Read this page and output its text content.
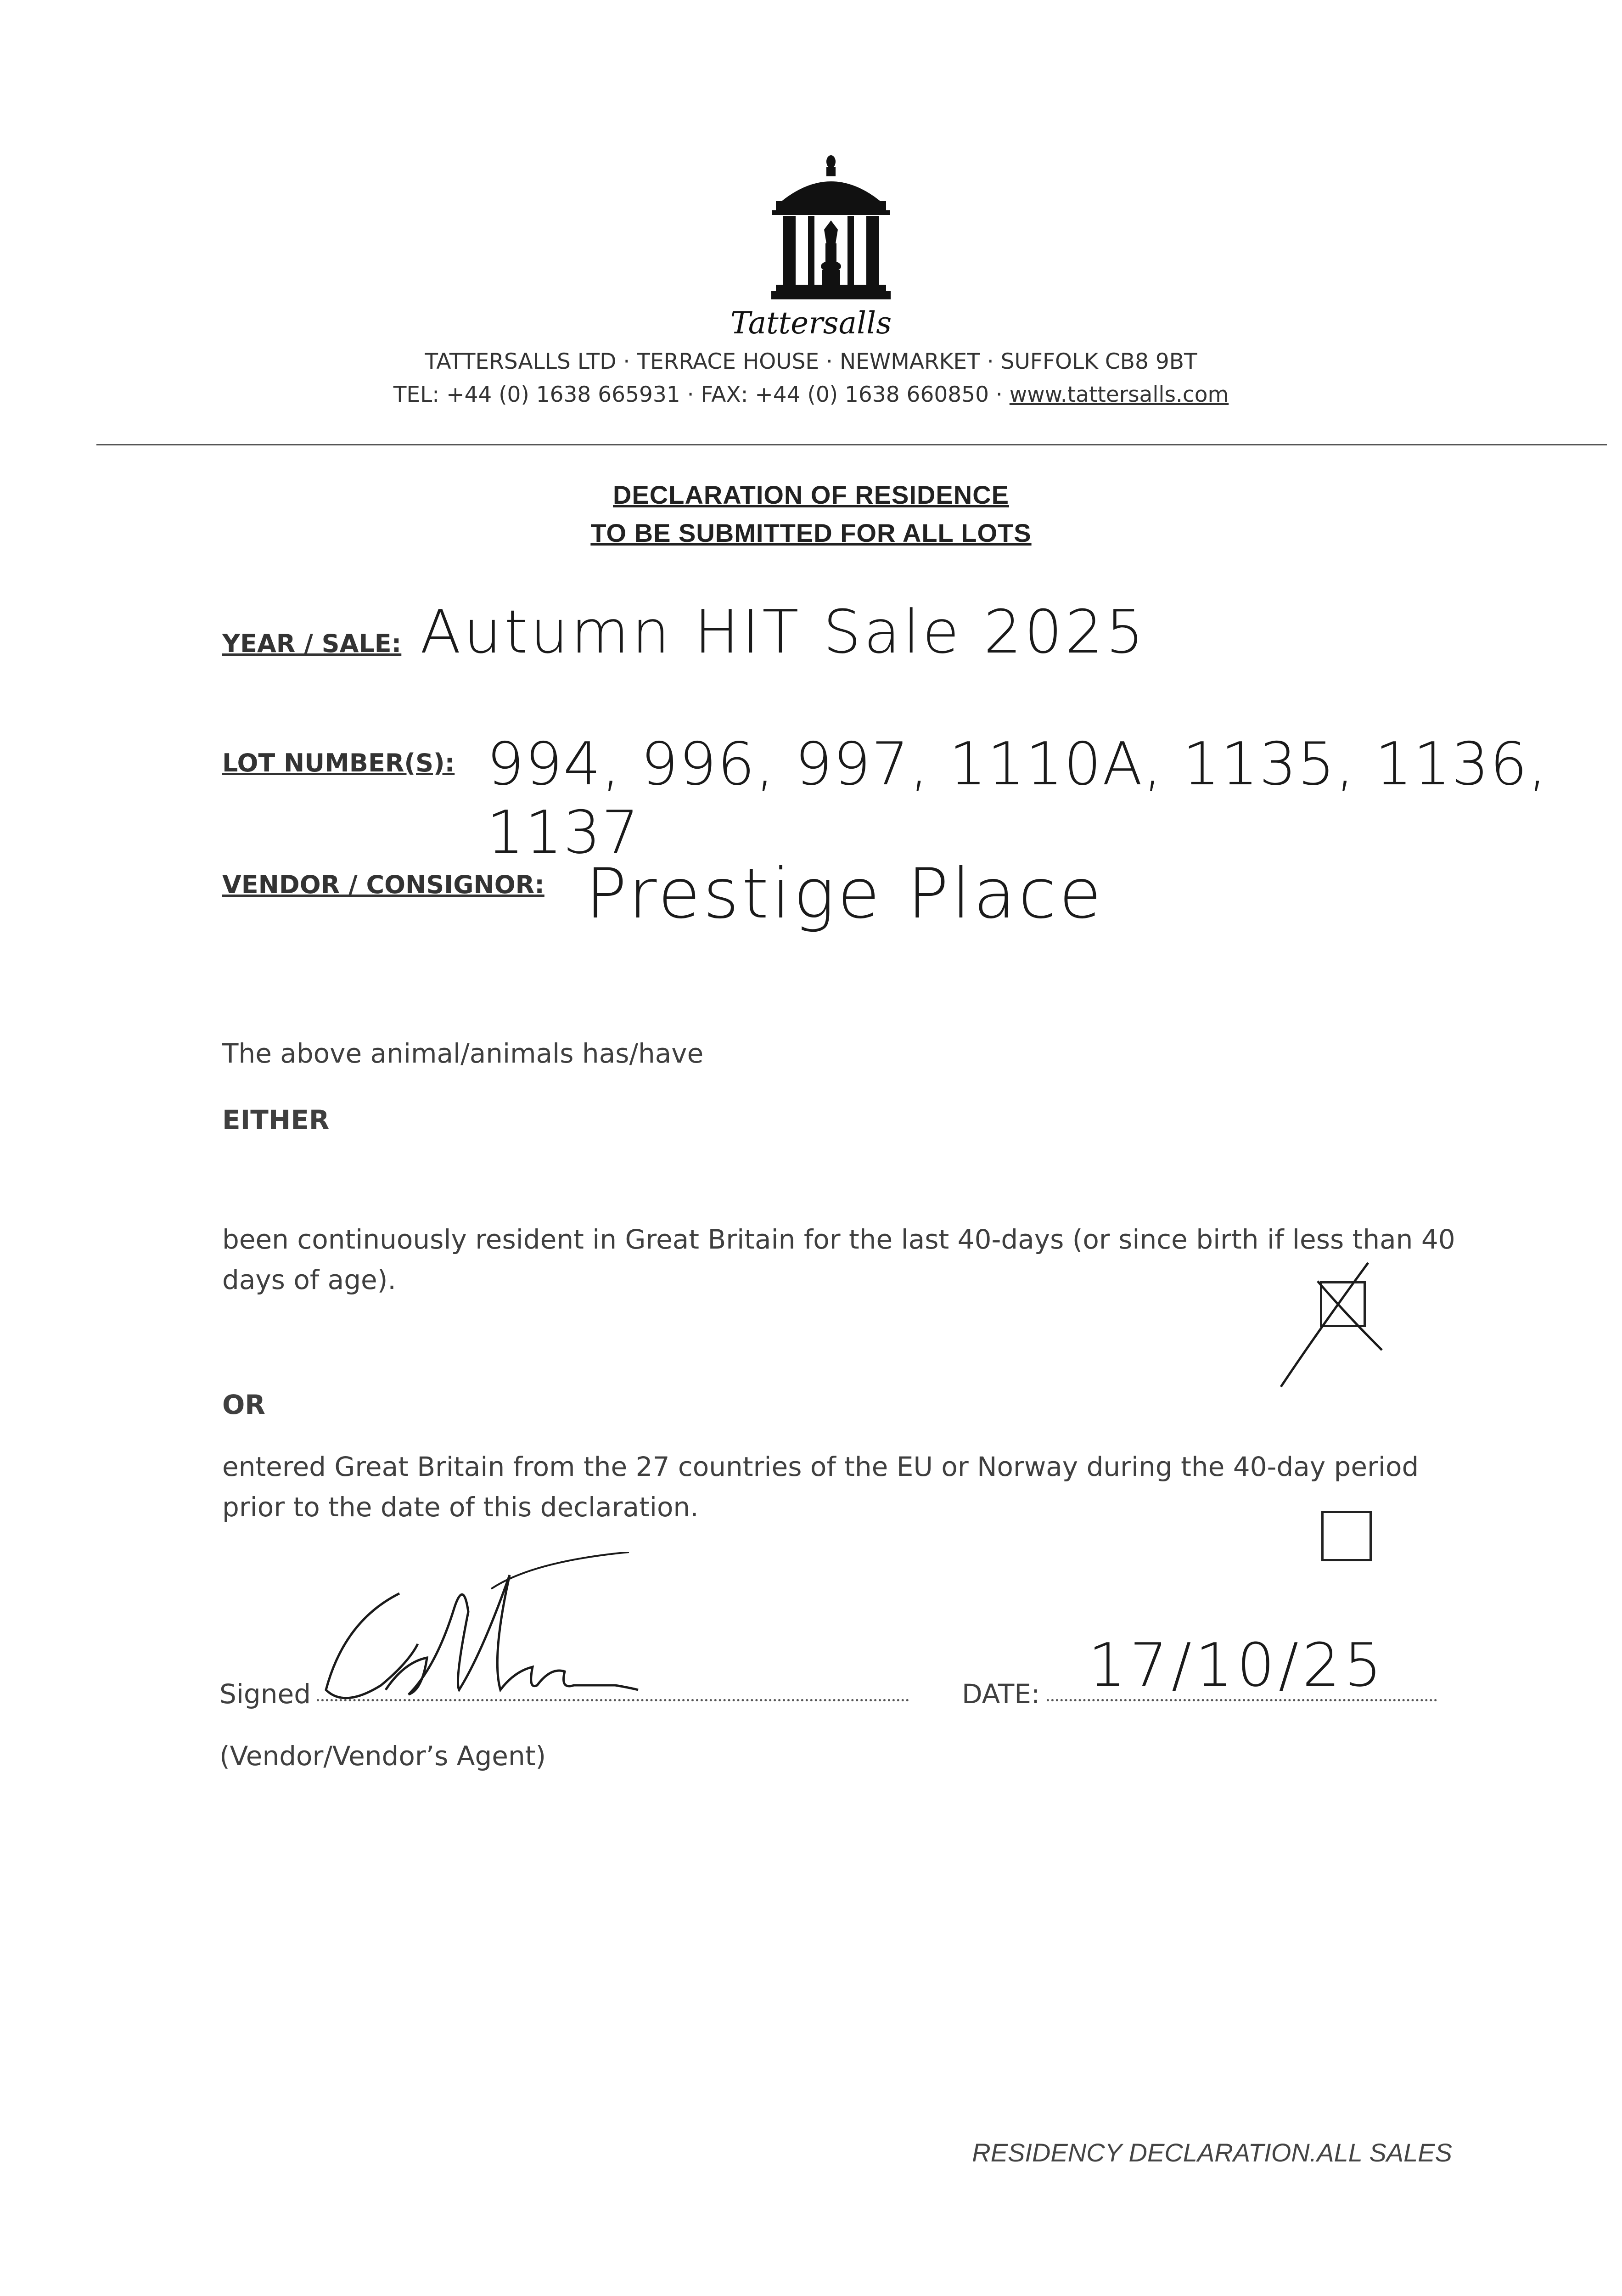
Tattersalls
TATTERSALLS LTD · TERRACE HOUSE · NEWMARKET · SUFFOLK CB8 9BT
TEL: +44 (0) 1638 665931 · FAX: +44 (0) 1638 660850 · www.tattersalls.com
DECLARATION OF RESIDENCE
TO BE SUBMITTED FOR ALL LOTS
YEAR / SALE: Autumn HIT Sale 2025
LOT NUMBER(S): 994, 996, 997, 1110A, 1135, 1136, 1137
VENDOR / CONSIGNOR: Prestige Place
The above animal/animals has/have
EITHER
been continuously resident in Great Britain for the last 40-days (or since birth if less than 40 days of age).
OR
entered Great Britain from the 27 countries of the EU or Norway during the 40-day period prior to the date of this declaration.
Signed	DATE: 17/10/25
(Vendor/Vendor’s Agent)
RESIDENCY DECLARATION.ALL SALES
